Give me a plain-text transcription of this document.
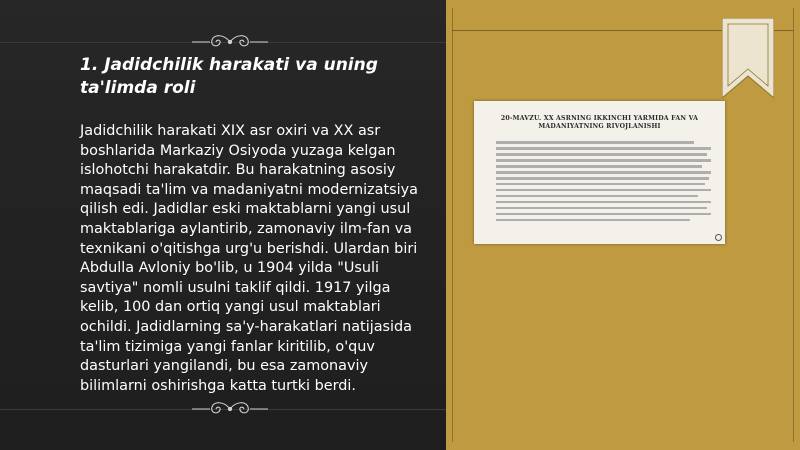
1. Jadidchilik harakati va uning ta'limda roli

Jadidchilik harakati XIX asr oxiri va XX asr boshlarida Markaziy Osiyoda yuzaga kelgan islohotchi harakatdir. Bu harakatning asosiy maqsadi ta'lim va madaniyatni modernizatsiya qilish edi. Jadidlar eski maktablarni yangi usul maktablariga aylantirib, zamonaviy ilm-fan va texnikani o'qitishga urg'u berishdi. Ulardan biri Abdulla Avloniy bo'lib, u 1904 yilda "Usuli savtiya" nomli usulni taklif qildi. 1917 yilga kelib, 100 dan ortiq yangi usul maktablari ochildi. Jadidlarning sa'y-harakatlari natijasida ta'lim tizimiga yangi fanlar kiritilib, o'quv dasturlari yangilandi, bu esa zamonaviy bilimlarni oshirishga katta turtki berdi.

20-MAVZU. XX ASRNING IKKINCHI YARMIDA FAN VA
MADANIYATNING RIVOJLANISHI
